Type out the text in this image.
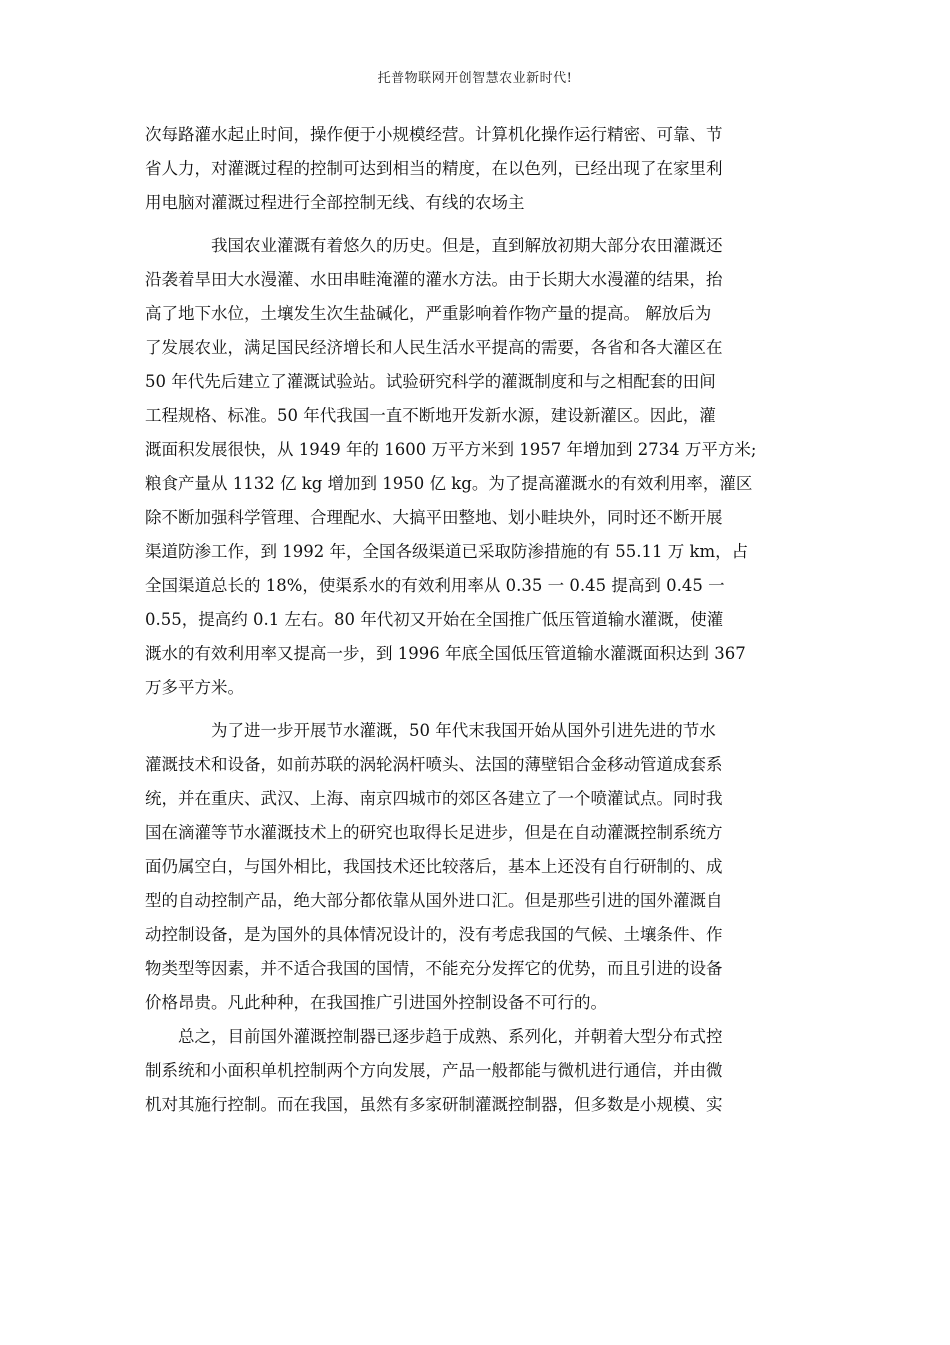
托普物联网开创智慧农业新时代!
次每路灌水起止时间，操作便于小规模经营。计算机化操作运行精密、可靠、节
省人力，对灌溉过程的控制可达到相当的精度，在以色列，已经出现了在家里利
用电脑对灌溉过程进行全部控制无线、有线的农场主
　　　　我国农业灌溉有着悠久的历史。但是，直到解放初期大部分农田灌溉还
沿袭着旱田大水漫灌、水田串畦淹灌的灌水方法。由于长期大水漫灌的结果，抬
高了地下水位，土壤发生次生盐碱化，严重影响着作物产量的提高。 解放后为
了发展农业，满足国民经济增长和人民生活水平提高的需要，各省和各大灌区在
50 年代先后建立了灌溉试验站。试验研究科学的灌溉制度和与之相配套的田间
工程规格、标准。50 年代我国一直不断地开发新水源，建设新灌区。因此，灌
溉面积发展很快，从 1949 年的 1600 万平方米到 1957 年增加到 2734 万平方米;
粮食产量从 1132 亿 kg 增加到 1950 亿 kg。为了提高灌溉水的有效利用率，灌区
除不断加强科学管理、合理配水、大搞平田整地、划小畦块外，同时还不断开展
渠道防渗工作，到 1992 年，全国各级渠道已采取防渗措施的有 55.11 万 km，占
全国渠道总长的 18%，使渠系水的有效利用率从 0.35 一 0.45 提高到 0.45 一
0.55，提高约 0.1 左右。80 年代初又开始在全国推广低压管道输水灌溉，使灌
溉水的有效利用率又提高一步，到 1996 年底全国低压管道输水灌溉面积达到 367
万多平方米。
　　　　为了进一步开展节水灌溉，50 年代末我国开始从国外引进先进的节水
灌溉技术和设备，如前苏联的涡轮涡杆喷头、法国的薄壁铝合金移动管道成套系
统，并在重庆、武汉、上海、南京四城市的郊区各建立了一个喷灌试点。同时我
国在滴灌等节水灌溉技术上的研究也取得长足进步，但是在自动灌溉控制系统方
面仍属空白，与国外相比，我国技术还比较落后，基本上还没有自行研制的、成
型的自动控制产品，绝大部分都依靠从国外进口汇。但是那些引进的国外灌溉自
动控制设备，是为国外的具体情况设计的，没有考虑我国的气候、土壤条件、作
物类型等因素，并不适合我国的国情，不能充分发挥它的优势，而且引进的设备
价格昂贵。凡此种种，在我国推广引进国外控制设备不可行的。
　　总之，目前国外灌溉控制器已逐步趋于成熟、系列化，并朝着大型分布式控
制系统和小面积单机控制两个方向发展，产品一般都能与微机进行通信，并由微
机对其施行控制。而在我国，虽然有多家研制灌溉控制器，但多数是小规模、实
